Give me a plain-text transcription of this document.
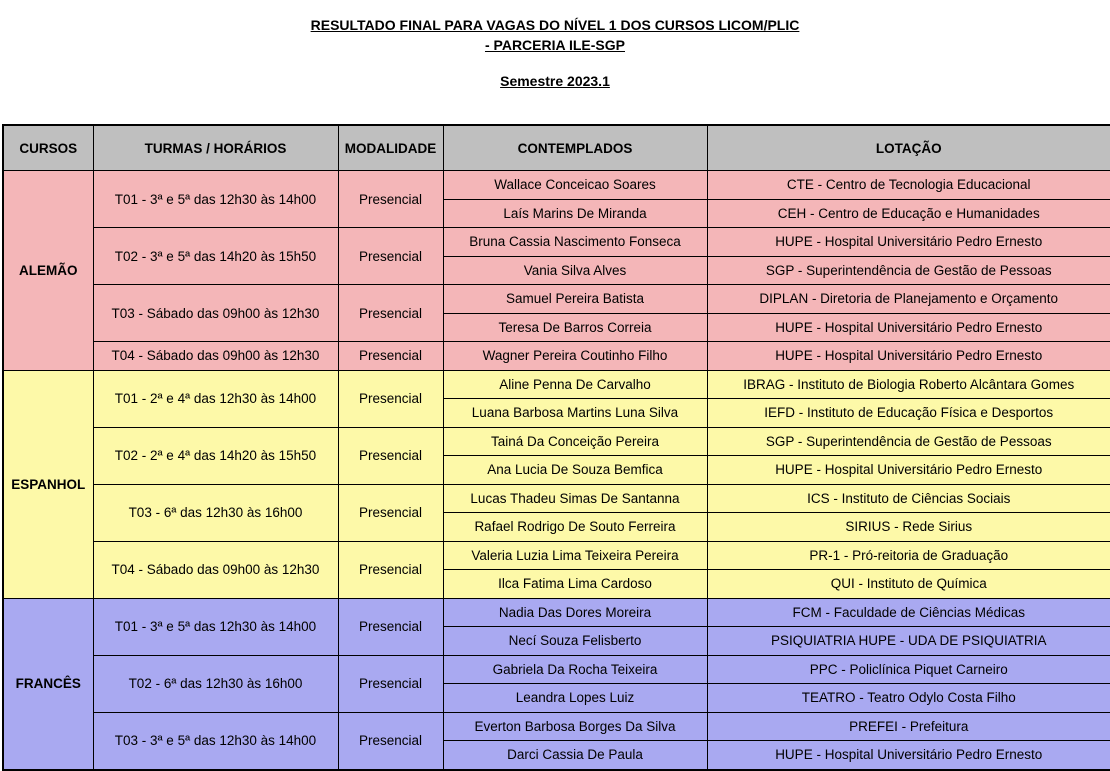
RESULTADO FINAL PARA VAGAS DO NÍVEL 1 DOS CURSOS LICOM/PLIC
- PARCERIA ILE-SGP
Semestre 2023.1
CURSOS	TURMAS / HORÁRIOS	MODALIDADE	CONTEMPLADOS	LOTAÇÃO
ALEMÃO	T01 - 3ª e 5ª das 12h30 às 14h00	Presencial	Wallace Conceicao Soares	CTE - Centro de Tecnologia Educacional
			Laís Marins De Miranda	CEH - Centro de Educação e Humanidades
	T02 - 3ª e 5ª das 14h20 às 15h50	Presencial	Bruna Cassia Nascimento Fonseca	HUPE - Hospital Universitário Pedro Ernesto
			Vania Silva Alves	SGP - Superintendência de Gestão de Pessoas
	T03 - Sábado das 09h00 às 12h30	Presencial	Samuel Pereira Batista	DIPLAN - Diretoria de Planejamento e Orçamento
			Teresa De Barros Correia	HUPE - Hospital Universitário Pedro Ernesto
	T04 - Sábado das 09h00 às 12h30	Presencial	Wagner Pereira Coutinho Filho	HUPE - Hospital Universitário Pedro Ernesto
ESPANHOL	T01 - 2ª e 4ª das 12h30 às 14h00	Presencial	Aline Penna De Carvalho	IBRAG - Instituto de Biologia Roberto Alcântara Gomes
			Luana Barbosa Martins Luna Silva	IEFD - Instituto de Educação Física e Desportos
	T02 - 2ª e 4ª das 14h20 às 15h50	Presencial	Tainá Da Conceição Pereira	SGP - Superintendência de Gestão de Pessoas
			Ana Lucia De Souza Bemfica	HUPE - Hospital Universitário Pedro Ernesto
	T03 - 6ª das 12h30 às 16h00	Presencial	Lucas Thadeu Simas De Santanna	ICS - Instituto de Ciências Sociais
			Rafael Rodrigo De Souto Ferreira	SIRIUS - Rede Sirius
	T04 - Sábado das 09h00 às 12h30	Presencial	Valeria Luzia Lima Teixeira Pereira	PR-1 - Pró-reitoria de Graduação
			Ilca Fatima Lima Cardoso	QUI - Instituto de Química
FRANCÊS	T01 - 3ª e 5ª das 12h30 às 14h00	Presencial	Nadia Das Dores Moreira	FCM - Faculdade de Ciências Médicas
			Necí Souza Felisberto	PSIQUIATRIA HUPE - UDA DE PSIQUIATRIA
	T02 - 6ª das 12h30 às 16h00	Presencial	Gabriela Da Rocha Teixeira	PPC - Policlínica Piquet Carneiro
			Leandra Lopes Luiz	TEATRO - Teatro Odylo Costa Filho
	T03 - 3ª e 5ª das 12h30 às 14h00	Presencial	Everton Barbosa Borges Da Silva	PREFEI - Prefeitura
			Darci Cassia De Paula	HUPE - Hospital Universitário Pedro Ernesto
